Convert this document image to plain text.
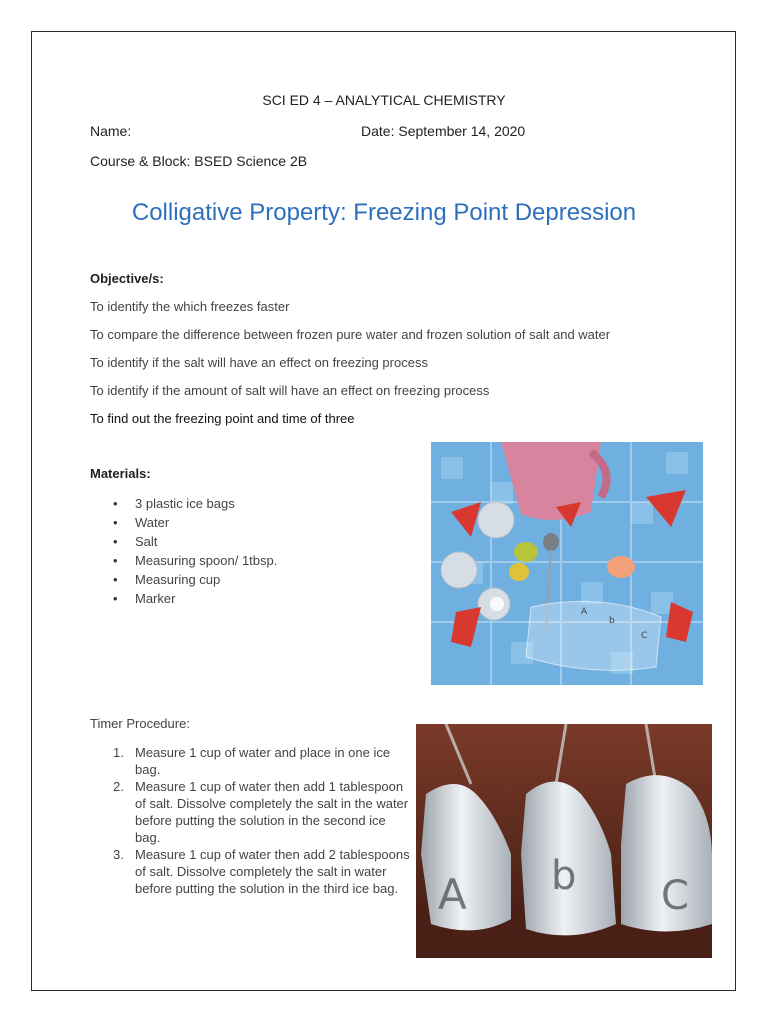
SCI ED 4 – ANALYTICAL CHEMISTRY
Name:	Date: September 14, 2020
Course & Block: BSED Science 2B
Colligative Property: Freezing Point Depression
Objective/s:
To identify the which freezes faster
To compare the difference between frozen pure water and frozen solution of salt and water
To identify if the salt will have an effect on freezing process
To identify if the amount of salt will have an effect on freezing process
To find out the freezing point and time of three
Materials:
• 3 plastic ice bags
• Water
• Salt
• Measuring spoon/ 1tbsp.
• Measuring cup
• Marker
A
b
C
Timer Procedure:
1. Measure 1 cup of water and place in one ice bag.
2. Measure 1 cup of water then add 1 tablespoon of salt. Dissolve completely the salt in the water before putting the solution in the second ice bag.
3. Measure 1 cup of water then add 2 tablespoons of salt. Dissolve completely the salt in water before putting the solution in the third ice bag. A b C
